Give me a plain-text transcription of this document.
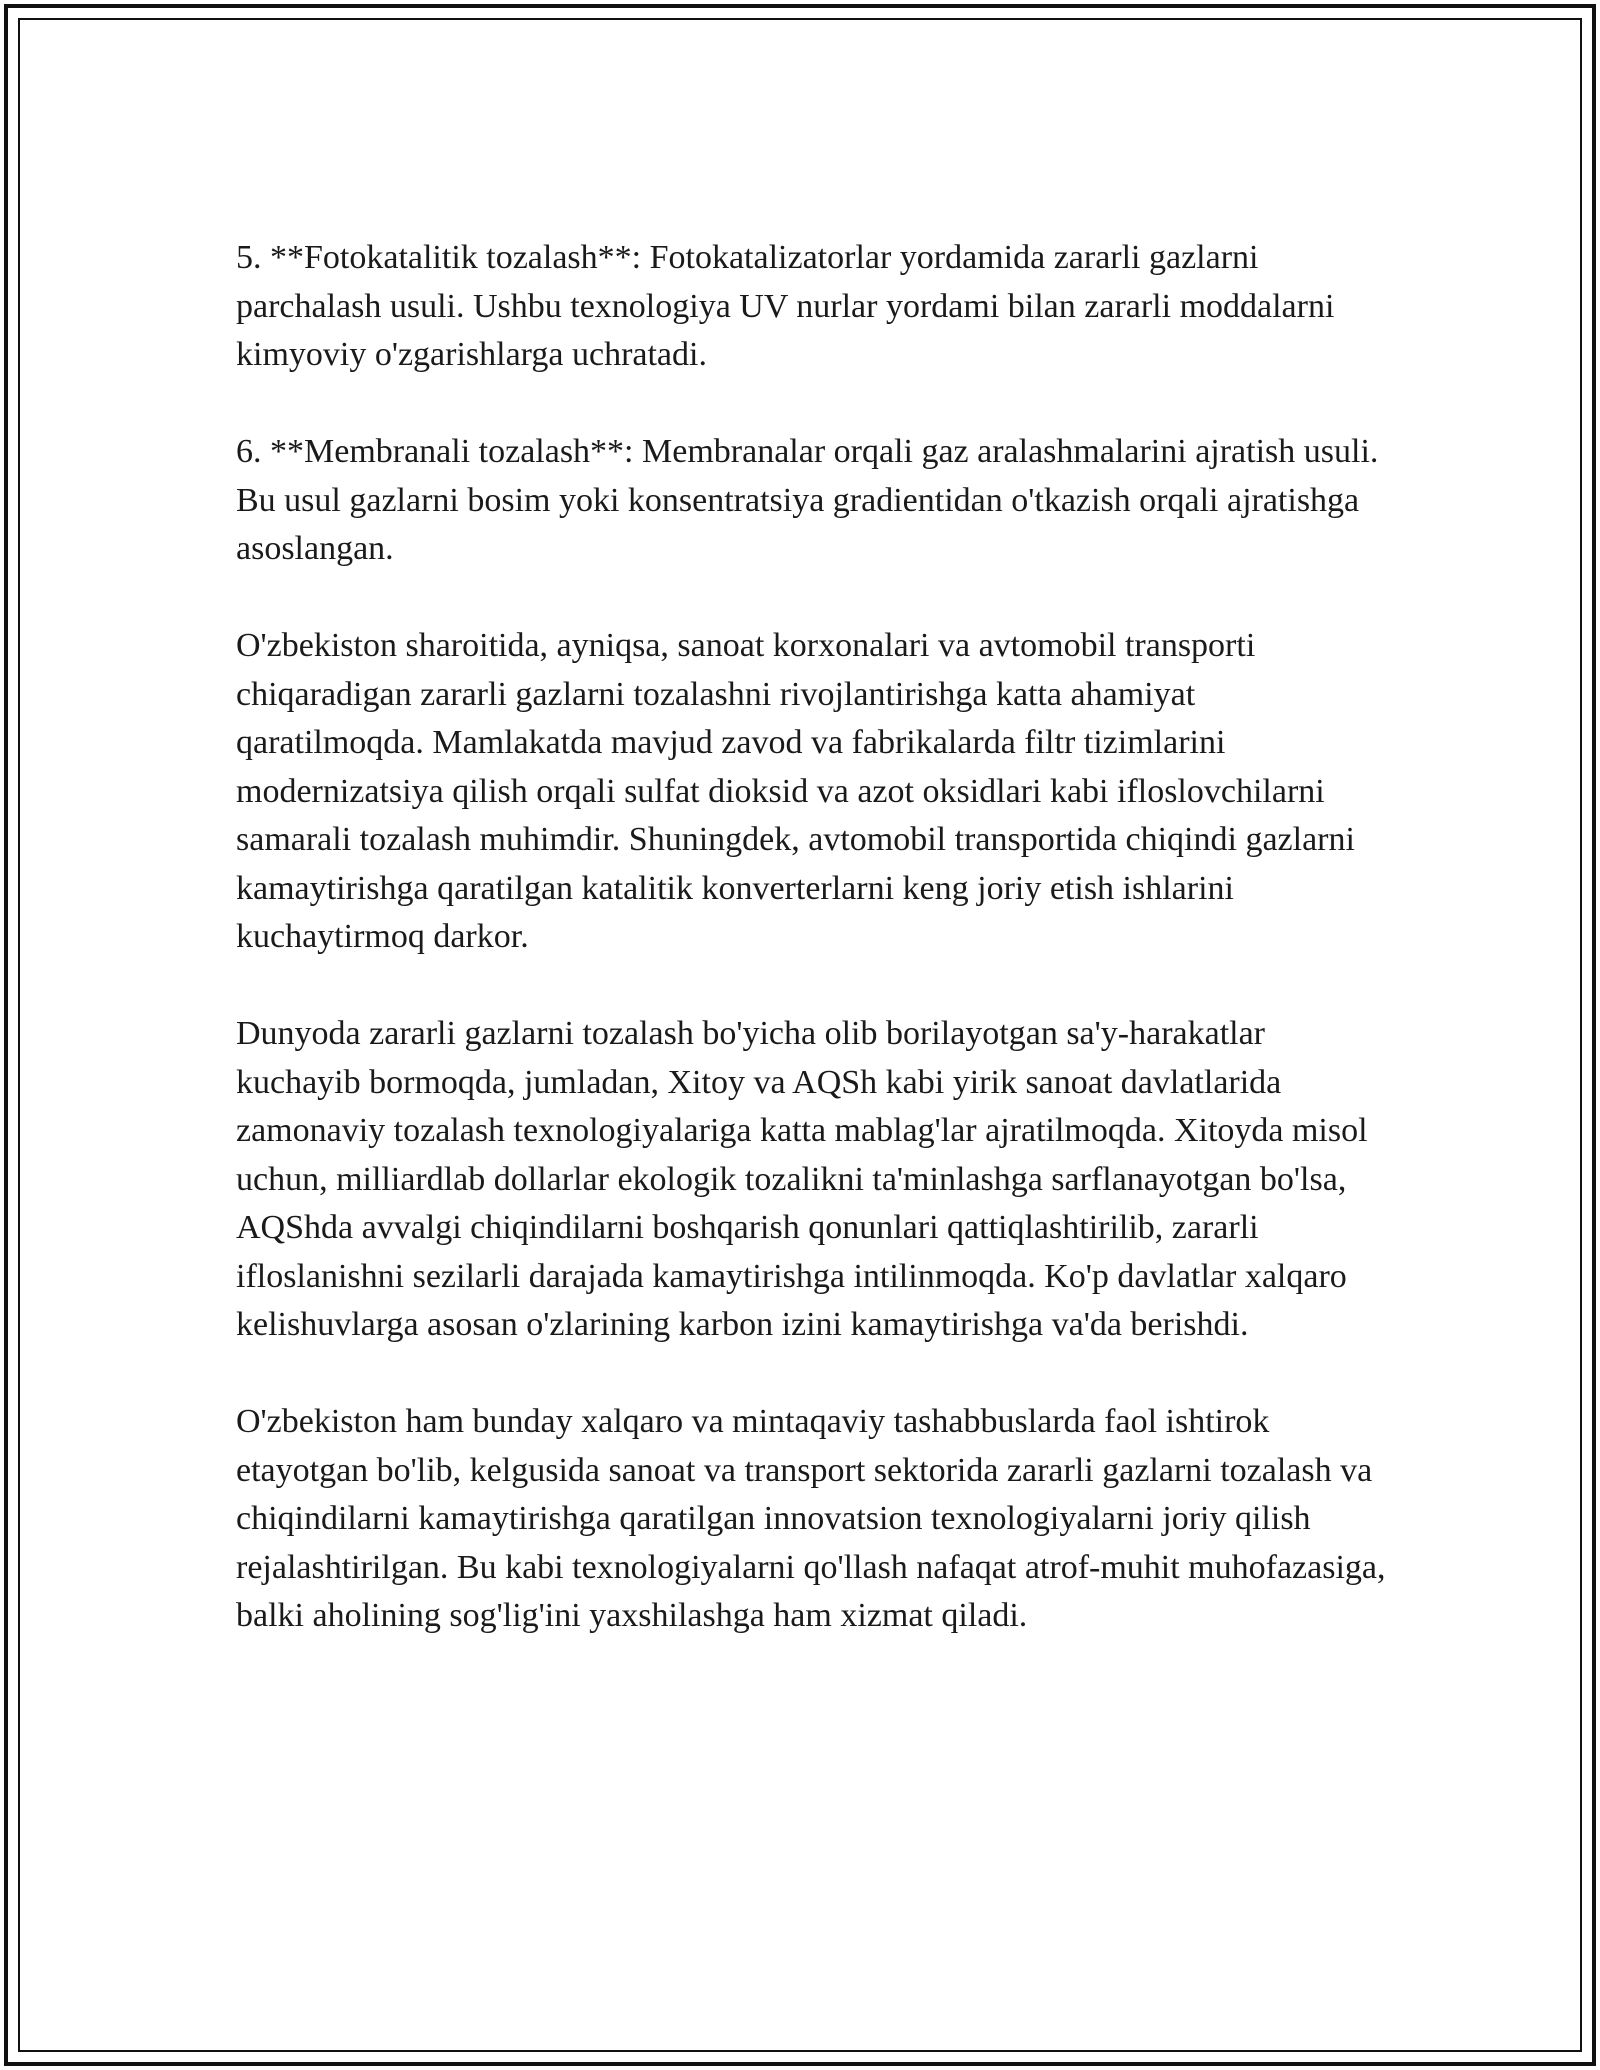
5. **Fotokatalitik tozalash**: Fotokatalizatorlar yordamida zararli gazlarni parchalash usuli. Ushbu texnologiya UV nurlar yordami bilan zararli moddalarni kimyoviy o'zgarishlarga uchratadi.

6. **Membranali tozalash**: Membranalar orqali gaz aralashmalarini ajratish usuli. Bu usul gazlarni bosim yoki konsentratsiya gradientidan o'tkazish orqali ajratishga asoslangan.

O'zbekiston sharoitida, ayniqsa, sanoat korxonalari va avtomobil transporti chiqaradigan zararli gazlarni tozalashni rivojlantirishga katta ahamiyat qaratilmoqda. Mamlakatda mavjud zavod va fabrikalarda filtr tizimlarini modernizatsiya qilish orqali sulfat dioksid va azot oksidlari kabi ifloslovchilarni samarali tozalash muhimdir. Shuningdek, avtomobil transportida chiqindi gazlarni kamaytirishga qaratilgan katalitik konverterlarni keng joriy etish ishlarini kuchaytirmoq darkor.

Dunyoda zararli gazlarni tozalash bo'yicha olib borilayotgan sa'y-harakatlar kuchayib bormoqda, jumladan, Xitoy va AQSh kabi yirik sanoat davlatlarida zamonaviy tozalash texnologiyalariga katta mablag'lar ajratilmoqda. Xitoyda misol uchun, milliardlab dollarlar ekologik tozalikni ta'minlashga sarflanayotgan bo'lsa, AQShda avvalgi chiqindilarni boshqarish qonunlari qattiqlashtirilib, zararli ifloslanishni sezilarli darajada kamaytirishga intilinmoqda. Ko'p davlatlar xalqaro kelishuvlarga asosan o'zlarining karbon izini kamaytirishga va'da berishdi.

O'zbekiston ham bunday xalqaro va mintaqaviy tashabbuslarda faol ishtirok etayotgan bo'lib, kelgusida sanoat va transport sektorida zararli gazlarni tozalash va chiqindilarni kamaytirishga qaratilgan innovatsion texnologiyalarni joriy qilish rejalashtirilgan. Bu kabi texnologiyalarni qo'llash nafaqat atrof-muhit muhofazasiga, balki aholining sog'lig'ini yaxshilashga ham xizmat qiladi.
